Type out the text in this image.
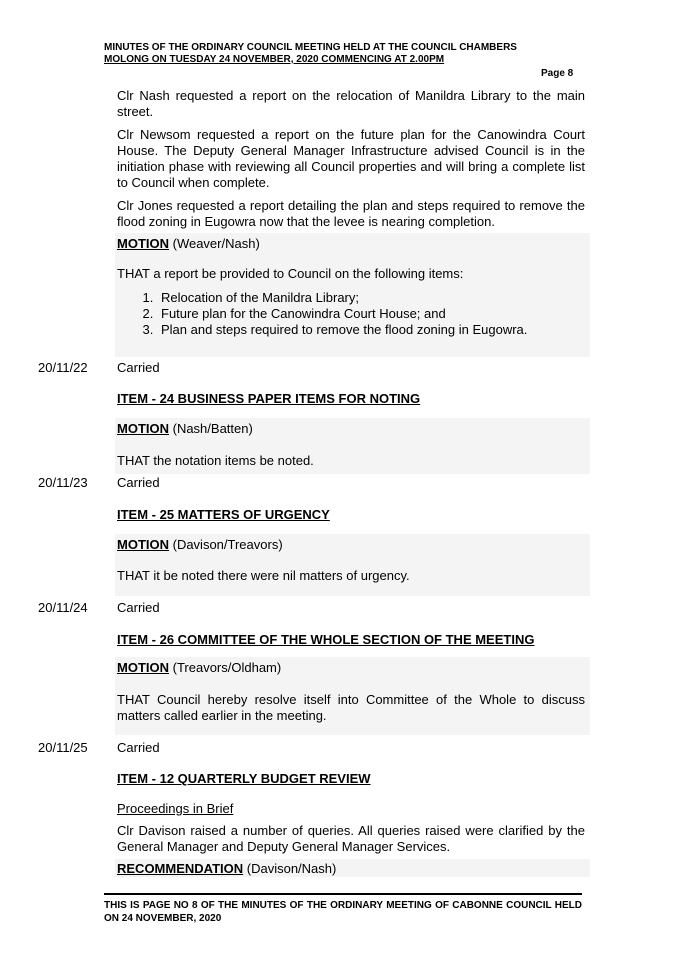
MINUTES OF THE ORDINARY COUNCIL MEETING HELD AT THE COUNCIL CHAMBERS
MOLONG ON TUESDAY 24 NOVEMBER, 2020 COMMENCING AT 2.00PM
Page 8
Clr Nash requested a report on the relocation of Manildra Library to the main street.
Clr Newsom requested a report on the future plan for the Canowindra Court House. The Deputy General Manager Infrastructure advised Council is in the initiation phase with reviewing all Council properties and will bring a complete list to Council when complete.
Clr Jones requested a report detailing the plan and steps required to remove the flood zoning in Eugowra now that the levee is nearing completion.
MOTION (Weaver/Nash)
THAT a report be provided to Council on the following items:
1. Relocation of the Manildra Library;
2. Future plan for the Canowindra Court House; and
3. Plan and steps required to remove the flood zoning in Eugowra.
20/11/22 Carried
ITEM - 24 BUSINESS PAPER ITEMS FOR NOTING
MOTION (Nash/Batten)
THAT the notation items be noted.
20/11/23 Carried
ITEM - 25 MATTERS OF URGENCY
MOTION (Davison/Treavors)
THAT it be noted there were nil matters of urgency.
20/11/24 Carried
ITEM - 26 COMMITTEE OF THE WHOLE SECTION OF THE MEETING
MOTION (Treavors/Oldham)
THAT Council hereby resolve itself into Committee of the Whole to discuss matters called earlier in the meeting.
20/11/25 Carried
ITEM - 12 QUARTERLY BUDGET REVIEW
Proceedings in Brief
Clr Davison raised a number of queries. All queries raised were clarified by the General Manager and Deputy General Manager Services.
RECOMMENDATION (Davison/Nash)
THIS IS PAGE NO 8 OF THE MINUTES OF THE ORDINARY MEETING OF CABONNE COUNCIL HELD ON 24 NOVEMBER, 2020
